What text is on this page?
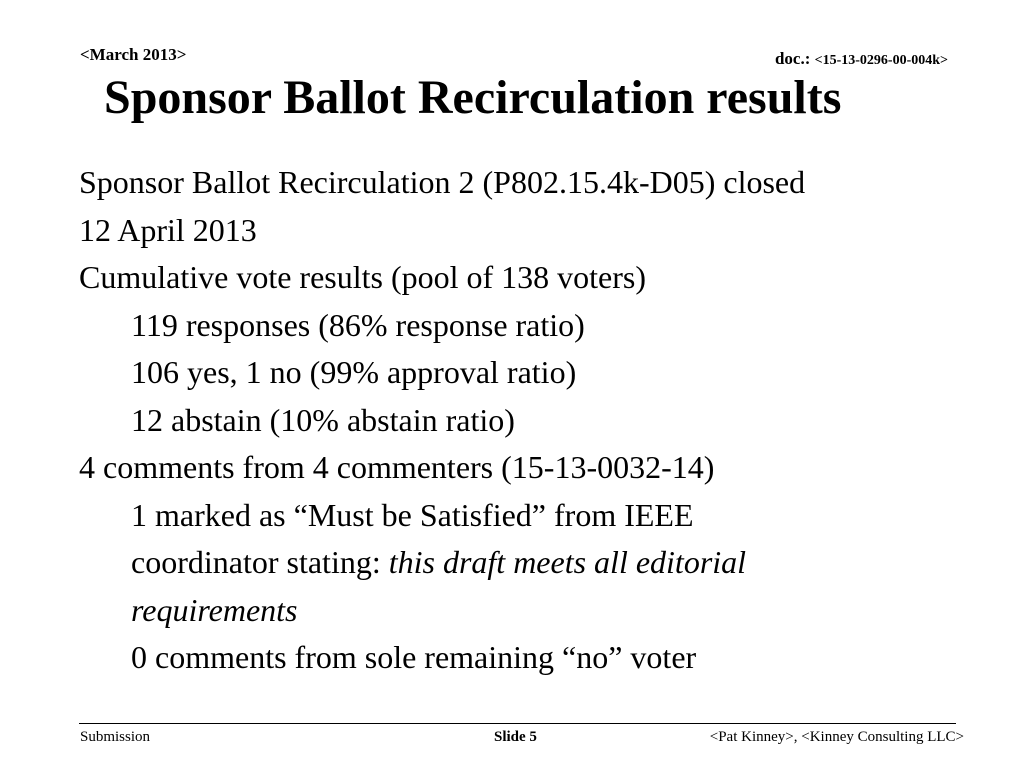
<March 2013>	doc.: <15-13-0296-00-004k>
Sponsor Ballot Recirculation results
Sponsor Ballot Recirculation 2 (P802.15.4k-D05) closed
12 April 2013
Cumulative vote results (pool of 138 voters)
119 responses (86% response ratio)
106 yes, 1 no (99% approval ratio)
12 abstain (10% abstain ratio)
4 comments from 4 commenters (15-13-0032-14)
1 marked as “Must be Satisfied” from IEEE
coordinator stating: this draft meets all editorial
requirements
0 comments from sole remaining “no” voter
Submission	Slide 5	<Pat Kinney>, <Kinney Consulting LLC>
